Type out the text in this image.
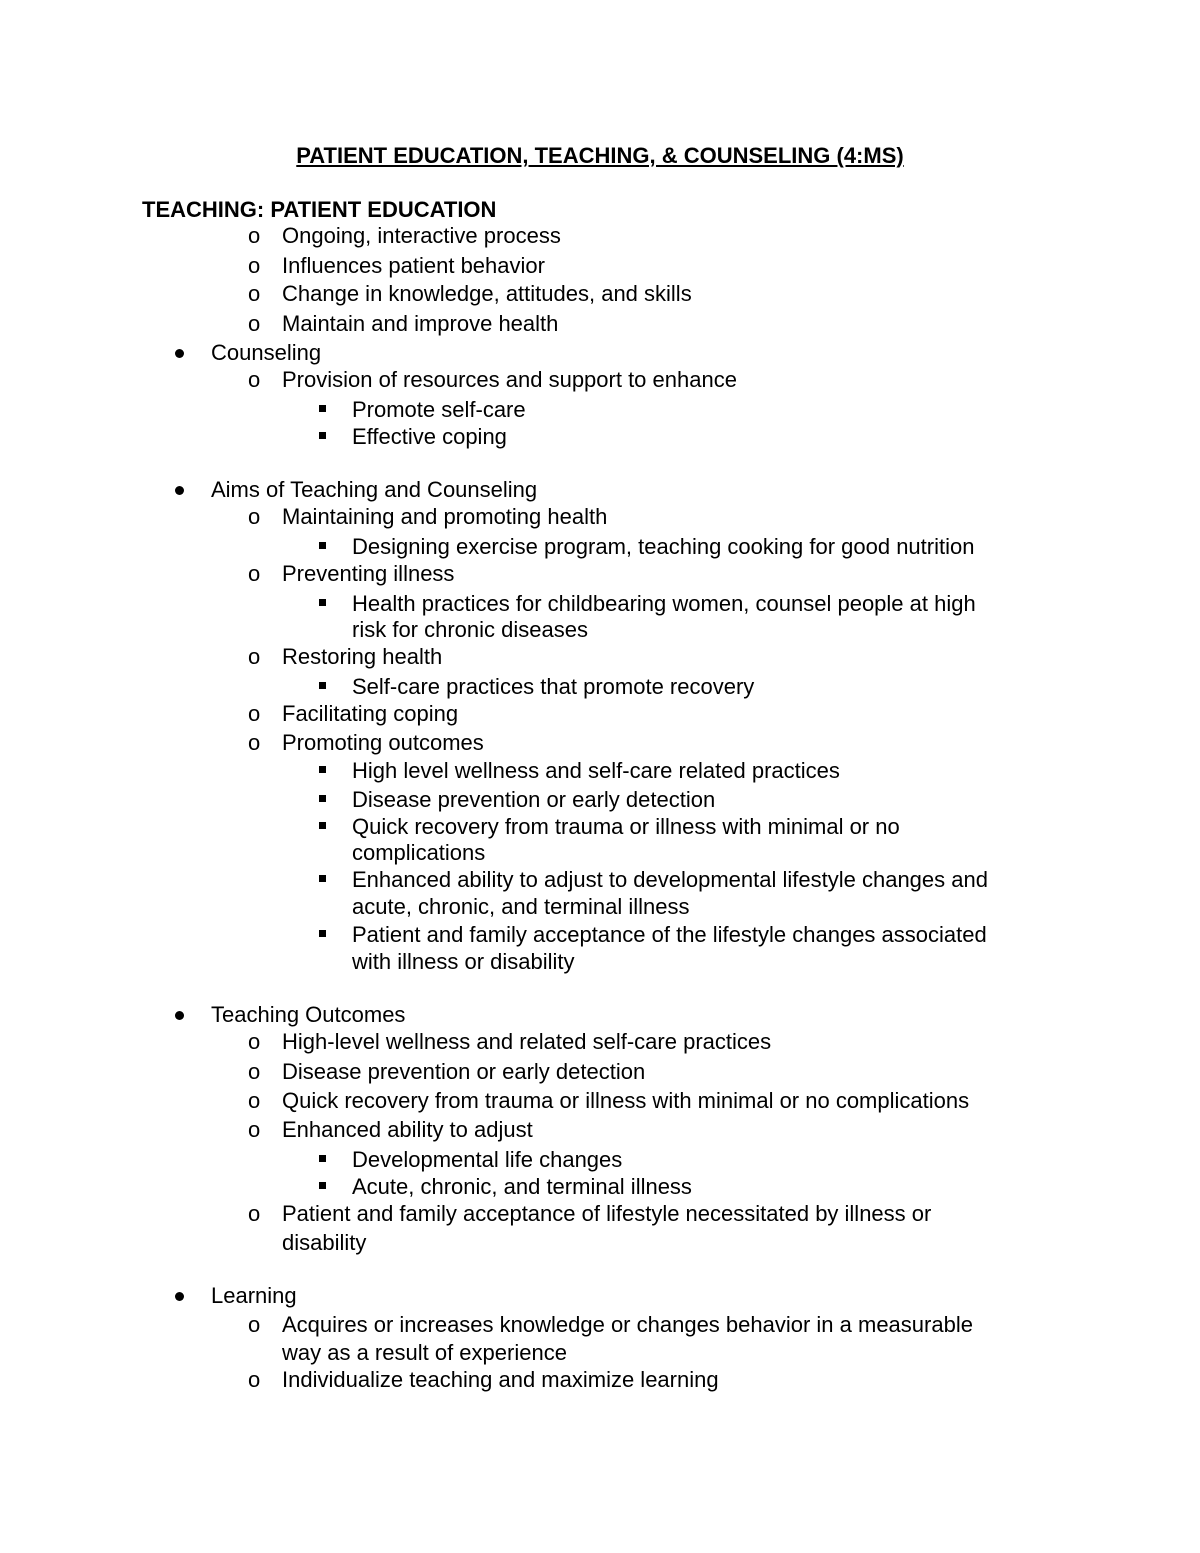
PATIENT EDUCATION, TEACHING, & COUNSELING (4:MS)
TEACHING: PATIENT EDUCATION
o Ongoing, interactive process
o Influences patient behavior
o Change in knowledge, attitudes, and skills
o Maintain and improve health
Counseling
o Provision of resources and support to enhance
Promote self-care
Effective coping
Aims of Teaching and Counseling
o Maintaining and promoting health
Designing exercise program, teaching cooking for good nutrition
o Preventing illness
Health practices for childbearing women, counsel people at high
risk for chronic diseases
o Restoring health
Self-care practices that promote recovery
o Facilitating coping
o Promoting outcomes
High level wellness and self-care related practices
Disease prevention or early detection
Quick recovery from trauma or illness with minimal or no
complications
Enhanced ability to adjust to developmental lifestyle changes and
acute, chronic, and terminal illness
Patient and family acceptance of the lifestyle changes associated
with illness or disability
Teaching Outcomes
o High-level wellness and related self-care practices
o Disease prevention or early detection
o Quick recovery from trauma or illness with minimal or no complications
o Enhanced ability to adjust
Developmental life changes
Acute, chronic, and terminal illness
o Patient and family acceptance of lifestyle necessitated by illness or
disability
Learning
o Acquires or increases knowledge or changes behavior in a measurable
way as a result of experience
o Individualize teaching and maximize learning
